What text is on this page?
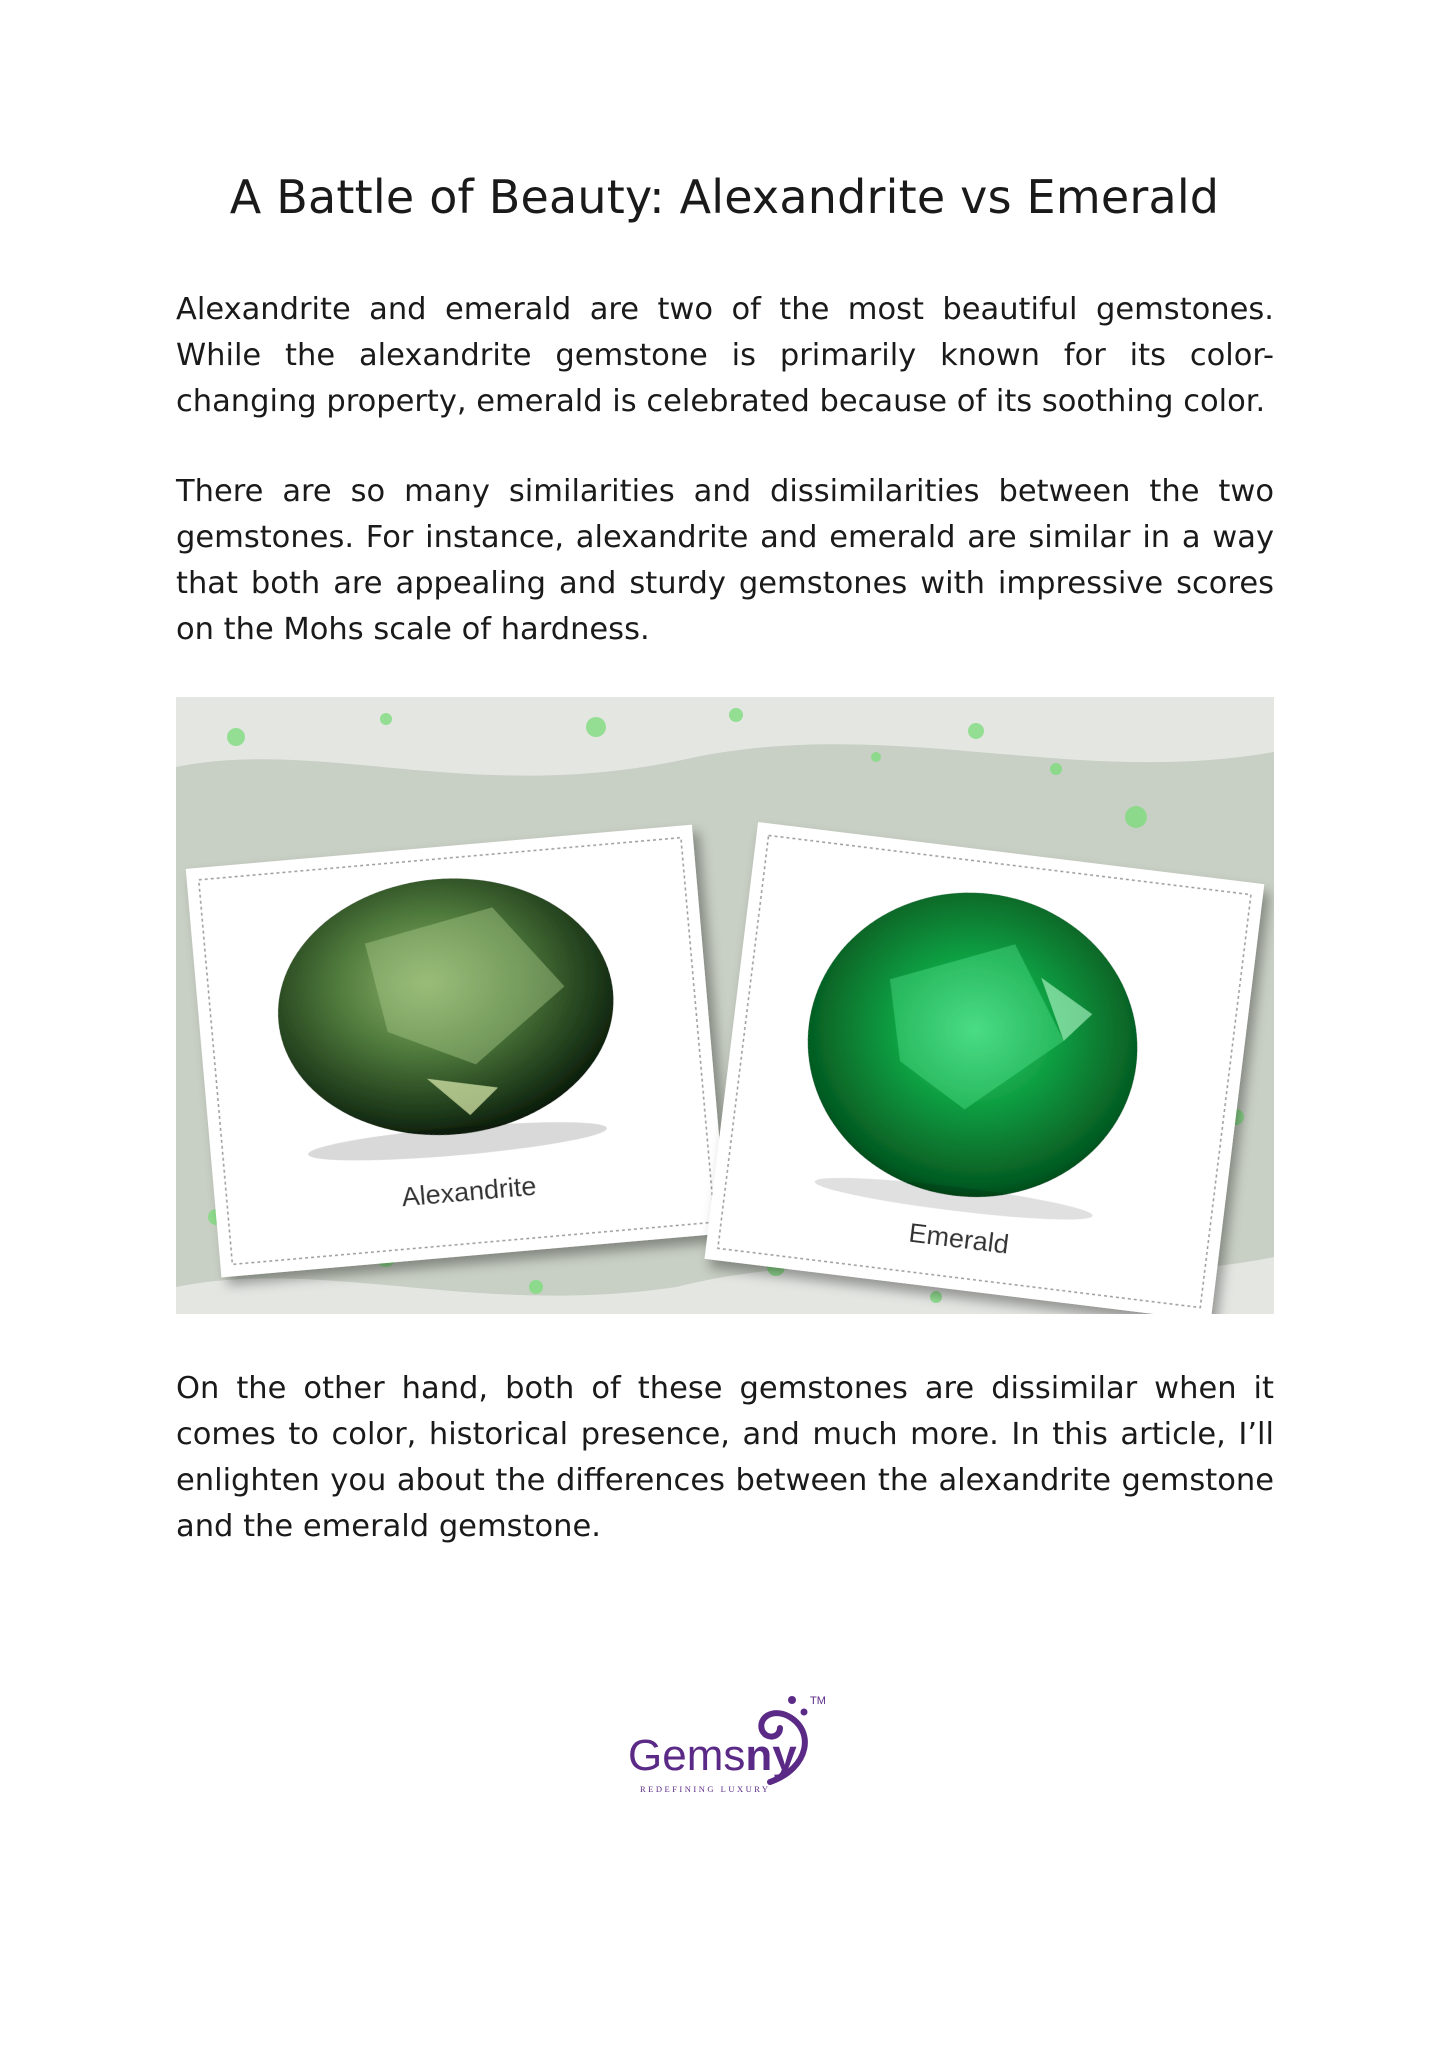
A Battle of Beauty: Alexandrite vs Emerald

Alexandrite and emerald are two of the most beautiful gemstones. While the alexandrite gemstone is primarily known for its color-changing property, emerald is celebrated because of its soothing color.

There are so many similarities and dissimilarities between the two gemstones. For instance, alexandrite and emerald are similar in a way that both are appealing and sturdy gemstones with impressive scores on the Mohs scale of hardness.

Alexandrite
Emerald

On the other hand, both of these gemstones are dissimilar when it comes to color, historical presence, and much more. In this article, I’ll enlighten you about the differences between the alexandrite gemstone and the emerald gemstone.

TM
Gemsny
REDEFINING LUXURY
